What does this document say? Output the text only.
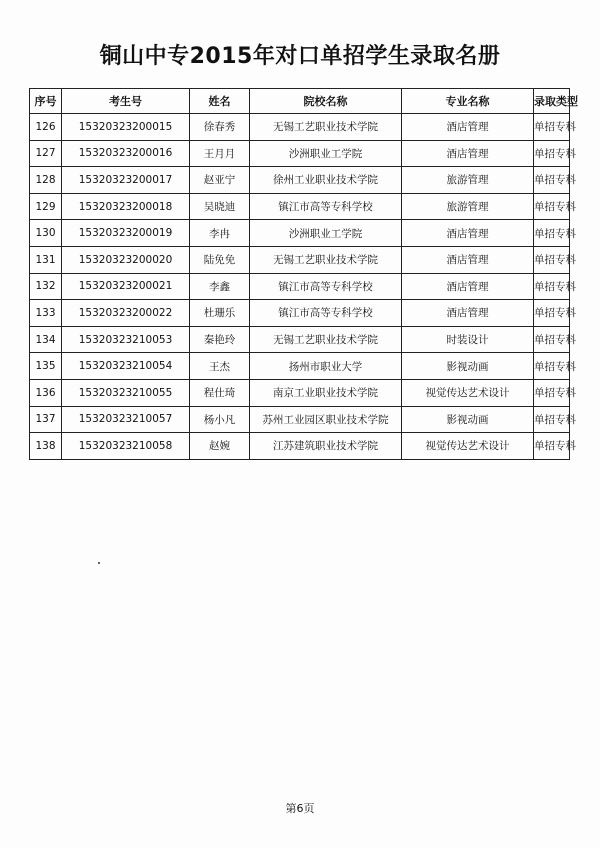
铜山中专2015年对口单招学生录取名册
序号	考生号	姓名	院校名称	专业名称	录取类型
126	15320323200015	徐春秀	无锡工艺职业技术学院	酒店管理	单招专科
127	15320323200016	王月月	沙洲职业工学院	酒店管理	单招专科
128	15320323200017	赵亚宁	徐州工业职业技术学院	旅游管理	单招专科
129	15320323200018	吴晓迪	镇江市高等专科学校	旅游管理	单招专科
130	15320323200019	李冉	沙洲职业工学院	酒店管理	单招专科
131	15320323200020	陆免免	无锡工艺职业技术学院	酒店管理	单招专科
132	15320323200021	李鑫	镇江市高等专科学校	酒店管理	单招专科
133	15320323200022	杜珊乐	镇江市高等专科学校	酒店管理	单招专科
134	15320323210053	秦艳玲	无锡工艺职业技术学院	时装设计	单招专科
135	15320323210054	王杰	扬州市职业大学	影视动画	单招专科
136	15320323210055	程仕琦	南京工业职业技术学院	视觉传达艺术设计	单招专科
137	15320323210057	杨小凡	苏州工业园区职业技术学院	影视动画	单招专科
138	15320323210058	赵婉	江苏建筑职业技术学院	视觉传达艺术设计	单招专科
第6页
